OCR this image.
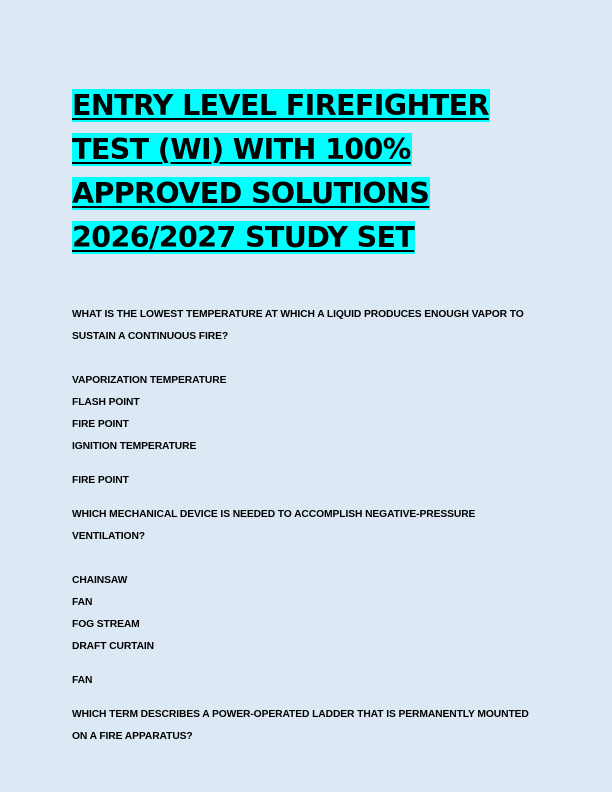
ENTRY LEVEL FIREFIGHTER
TEST (WI) WITH 100%
APPROVED SOLUTIONS
2026/2027 STUDY SET

WHAT IS THE LOWEST TEMPERATURE AT WHICH A LIQUID PRODUCES ENOUGH VAPOR TO SUSTAIN A CONTINUOUS FIRE?

VAPORIZATION TEMPERATURE
FLASH POINT
FIRE POINT
IGNITION TEMPERATURE
FIRE POINT

WHICH MECHANICAL DEVICE IS NEEDED TO ACCOMPLISH NEGATIVE-PRESSURE VENTILATION?

CHAINSAW
FAN
FOG STREAM
DRAFT CURTAIN
FAN

WHICH TERM DESCRIBES A POWER-OPERATED LADDER THAT IS PERMANENTLY MOUNTED ON A FIRE APPARATUS?
